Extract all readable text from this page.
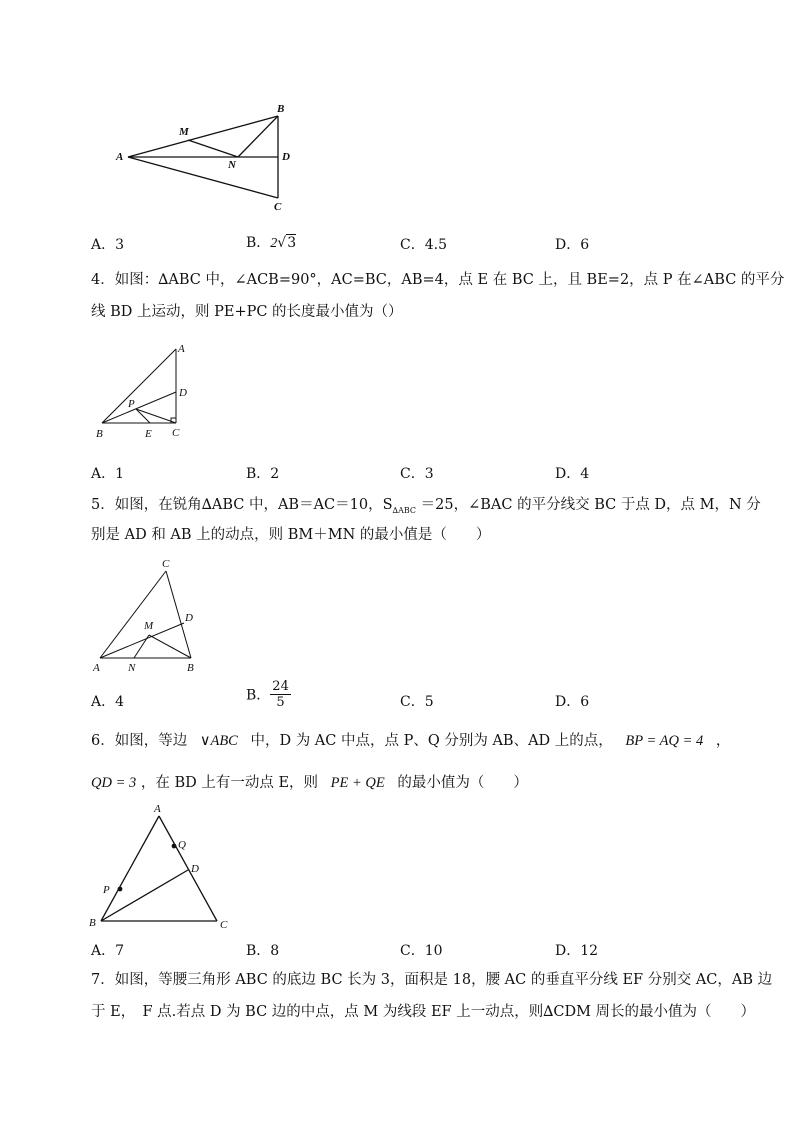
A
B
C
D
M
N
A．3	B．2√3	C．4.5	D．6
4．如图：∆ABC 中，∠ACB=90°，AC=BC，AB=4，点 E 在 BC 上，且 BE=2，点 P 在∠ABC 的平分
线 BD 上运动，则 PE+PC 的长度最小值为（）
A
B	C
D
E
P
A．1	B．2	C．3	D．4
5．如图，在锐角∆ABC 中，AB＝AC＝10，$S_{\Delta ABC} =25$，∠BAC 的平分线交 BC 于点 D，点 M，N 分
别是 AD 和 AB 上的动点，则 BM＋MN 的最小值是（　　）
C
A	B
D
M
N
A．4	B． $\frac{24}{5}$	C．5	D．6
6．如图，等边 ∨ABC 中，D 为 AC 中点，点 P、Q 分别为 AB、AD 上的点， BP = AQ = 4 ，
QD = 3 ，在 BD 上有一动点 E，则 PE + QE 的最小值为（　　）
A
B	C
D
P
Q
A．7	B．8	C．10	D．12
7．如图，等腰三角形 ABC 的底边 BC 长为 3，面积是 18，腰 AC 的垂直平分线 EF 分别交 AC，AB 边
于 E，　F 点.若点 D 为 BC 边的中点，点 M 为线段 EF 上一动点，则∆CDM 周长的最小值为（　　）
